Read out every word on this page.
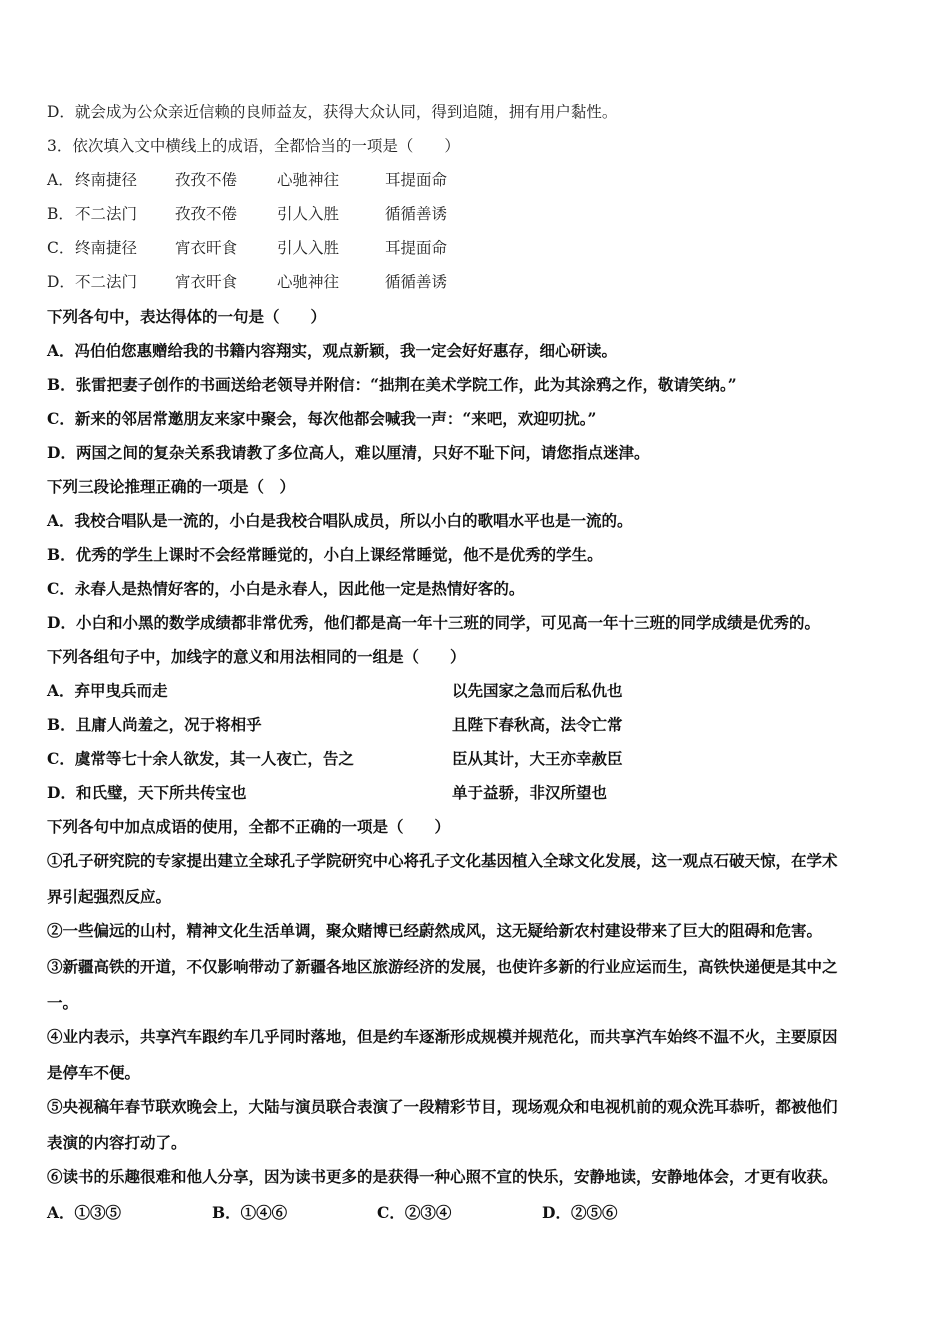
D．就会成为公众亲近信赖的良师益友，获得大众认同，得到追随，拥有用户黏性。
3．依次填入文中横线上的成语，全都恰当的一项是（　　）
A． 终南捷径 孜孜不倦	心驰神往	耳提面命
B． 不二法门 孜孜不倦	引人入胜	循循善诱
C． 终南捷径 宵衣旰食	引人入胜	耳提面命
D． 不二法门 宵衣旰食	心驰神往	循循善诱
下列各句中，表达得体的一句是（　　）
A．冯伯伯您惠赠给我的书籍内容翔实，观点新颖，我一定会好好惠存，细心研读。
B．张雷把妻子创作的书画送给老领导并附信：“拙荆在美术学院工作，此为其涂鸦之作，敬请笑纳。”
C．新来的邻居常邀朋友来家中聚会，每次他都会喊我一声：“来吧，欢迎叨扰。”
D．两国之间的复杂关系我请教了多位高人，难以厘清，只好不耻下问，请您指点迷津。
下列三段论推理正确的一项是（　）
A．我校合唱队是一流的，小白是我校合唱队成员，所以小白的歌唱水平也是一流的。
B．优秀的学生上课时不会经常睡觉的，小白上课经常睡觉，他不是优秀的学生。
C．永春人是热情好客的，小白是永春人，因此他一定是热情好客的。
D．小白和小黑的数学成绩都非常优秀，他们都是高一年十三班的同学，可见高一年十三班的同学成绩是优秀的。
下列各组句子中，加线字的意义和用法相同的一组是（　　）
A．弃甲曳兵而走	以先国家之急而后私仇也
B．且庸人尚羞之，况于将相乎	且陛下春秋高，法令亡常
C．虞常等七十余人欲发，其一人夜亡，告之	臣从其计，大王亦幸赦臣
D．和氏璧，天下所共传宝也	单于益骄，非汉所望也
下列各句中加点成语的使用，全都不正确的一项是（　　）
①孔子研究院的专家提出建立全球孔子学院研究中心将孔子文化基因植入全球文化发展，这一观点石破天惊，在学术
界引起强烈反应。
②一些偏远的山村，精神文化生活单调，聚众赌博已经蔚然成风，这无疑给新农村建设带来了巨大的阻碍和危害。
③新疆高铁的开道，不仅影响带动了新疆各地区旅游经济的发展，也使许多新的行业应运而生，高铁快递便是其中之
一。
④业内表示，共享汽车跟约车几乎同时落地，但是约车逐渐形成规模并规范化，而共享汽车始终不温不火，主要原因
是停车不便。
⑤央视稿年春节联欢晚会上，大陆与演员联合表演了一段精彩节目，现场观众和电视机前的观众洗耳恭听，都被他们
表演的内容打动了。
⑥读书的乐趣很难和他人分享，因为读书更多的是获得一种心照不宣的快乐，安静地读，安静地体会，才更有收获。
A．①③⑤	B．①④⑥	C．②③④	D．②⑤⑥
